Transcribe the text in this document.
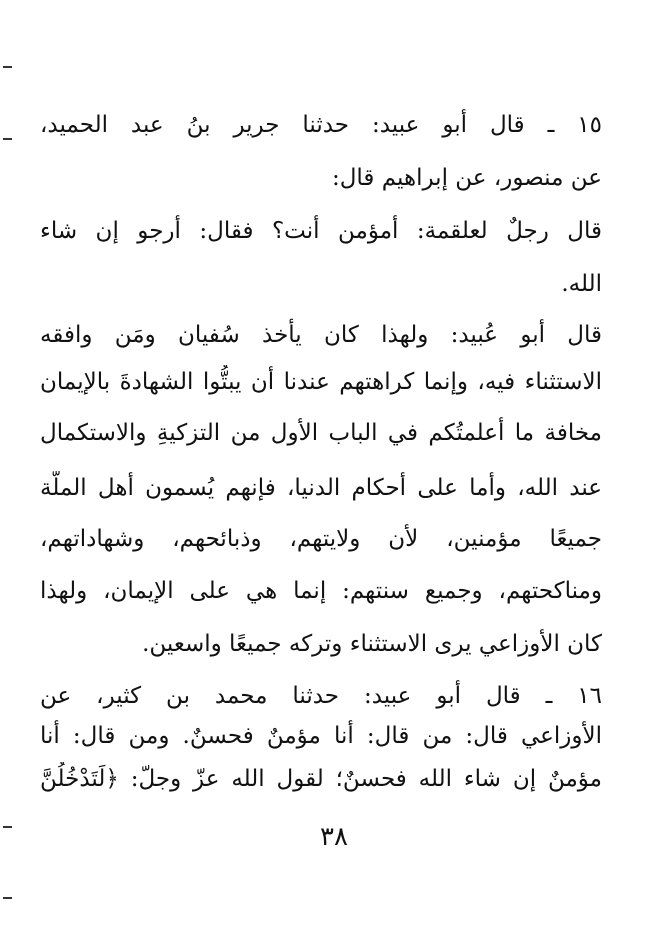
١٥ ـ قال أبو عبيد: حدثنا جرير بنُ عبد الحميد،
عن منصور، عن إبراهيم قال:
قال رجلٌ لعلقمة: أمؤمن أنت؟ فقال: أرجو إن شاء
الله.
قال أبو عُبيد: ولهذا كان يأخذ سُفيان ومَن وافقه
الاستثناء فيه، وإنما كراهتهم عندنا أن يبتُّوا الشهادةَ بالإيمان
مخافة ما أعلمتُكم في الباب الأول من التزكيةِ والاستكمال
عند الله، وأما على أحكام الدنيا، فإنهم يُسمون أهل الملّة
جميعًا مؤمنين، لأن ولايتهم، وذبائحهم، وشهاداتهم،
ومناكحتهم، وجميع سنتهم: إنما هي على الإيمان، ولهذا
كان الأوزاعي يرى الاستثناء وتركه جميعًا واسعين.
١٦ ـ قال أبو عبيد: حدثنا محمد بن كثير، عن
الأوزاعي قال: من قال: أنا مؤمنٌ فحسنٌ. ومن قال: أنا
مؤمنٌ إن شاء الله فحسنٌ؛ لقول الله عزّ وجلّ: ﴿لَتَدْخُلُنَّ
٣٨
